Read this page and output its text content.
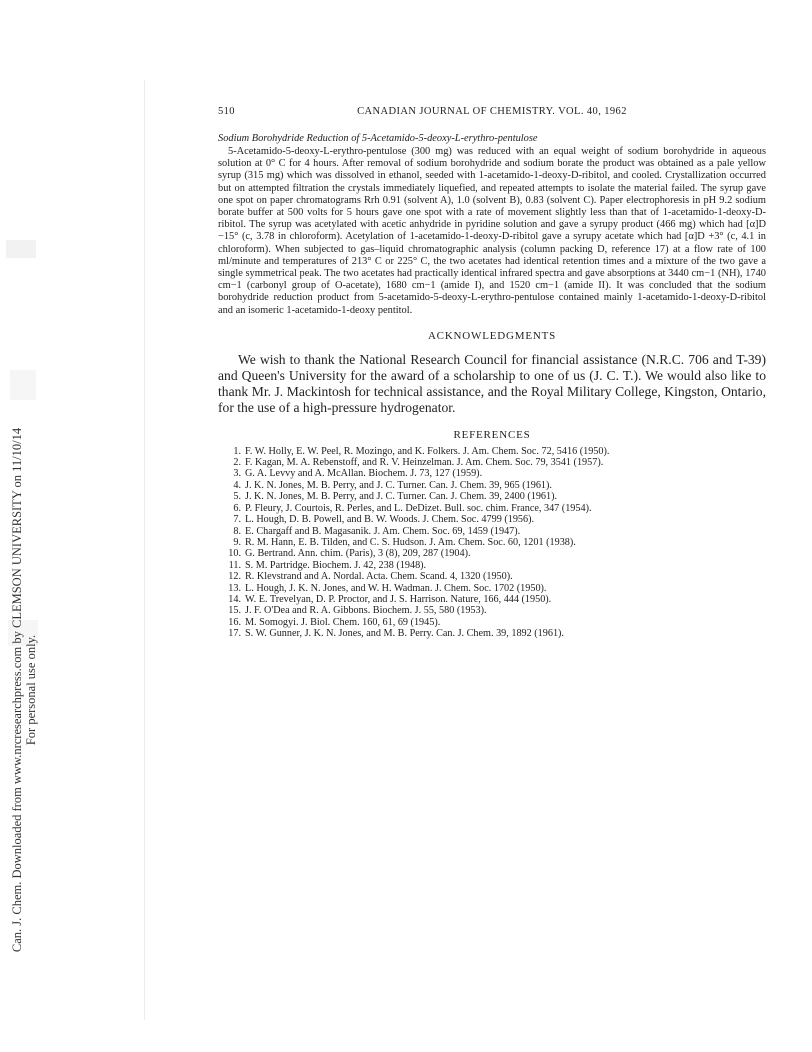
Can. J. Chem. Downloaded from www.nrcresearchpress.com by CLEMSON UNIVERSITY on 11/10/14 For personal use only.
510	CANADIAN JOURNAL OF CHEMISTRY. VOL. 40, 1962
Sodium Borohydride Reduction of 5-Acetamido-5-deoxy-L-erythro-pentulose

5-Acetamido-5-deoxy-L-erythro-pentulose (300 mg) was reduced with an equal weight of sodium borohydride in aqueous solution at 0° C for 4 hours. After removal of sodium borohydride and sodium borate the product was obtained as a pale yellow syrup (315 mg) which was dissolved in ethanol, seeded with 1-acetamido-1-deoxy-D-ribitol, and cooled. Crystallization occurred but on attempted filtration the crystals immediately liquefied, and repeated attempts to isolate the material failed. The syrup gave one spot on paper chromatograms Rrh 0.91 (solvent A), 1.0 (solvent B), 0.83 (solvent C). Paper electrophoresis in pH 9.2 sodium borate buffer at 500 volts for 5 hours gave one spot with a rate of movement slightly less than that of 1-acetamido-1-deoxy-D-ribitol. The syrup was acetylated with acetic anhydride in pyridine solution and gave a syrupy product (466 mg) which had [α]D −15° (c, 3.78 in chloroform). Acetylation of 1-acetamido-1-deoxy-D-ribitol gave a syrupy acetate which had [α]D +3° (c, 4.1 in chloroform). When subjected to gas–liquid chromatographic analysis (column packing D, reference 17) at a flow rate of 100 ml/minute and temperatures of 213° C or 225° C, the two acetates had identical retention times and a mixture of the two gave a single symmetrical peak. The two acetates had practically identical infrared spectra and gave absorptions at 3440 cm−1 (NH), 1740 cm−1 (carbonyl group of O-acetate), 1680 cm−1 (amide I), and 1520 cm−1 (amide II). It was concluded that the sodium borohydride reduction product from 5-acetamido-5-deoxy-L-erythro-pentulose contained mainly 1-acetamido-1-deoxy-D-ribitol and an isomeric 1-acetamido-1-deoxy pentitol.

ACKNOWLEDGMENTS

We wish to thank the National Research Council for financial assistance (N.R.C. 706 and T-39) and Queen's University for the award of a scholarship to one of us (J. C. T.). We would also like to thank Mr. J. Mackintosh for technical assistance, and the Royal Military College, Kingston, Ontario, for the use of a high-pressure hydrogenator.

REFERENCES
1. F. W. Holly, E. W. Peel, R. Mozingo, and K. Folkers. J. Am. Chem. Soc. 72, 5416 (1950).
2. F. Kagan, M. A. Rebenstoff, and R. V. Heinzelman. J. Am. Chem. Soc. 79, 3541 (1957).
3. G. A. Levvy and A. McAllan. Biochem. J. 73, 127 (1959).
4. J. K. N. Jones, M. B. Perry, and J. C. Turner. Can. J. Chem. 39, 965 (1961).
5. J. K. N. Jones, M. B. Perry, and J. C. Turner. Can. J. Chem. 39, 2400 (1961).
6. P. Fleury, J. Courtois, R. Perles, and L. DeDizet. Bull. soc. chim. France, 347 (1954).
7. L. Hough, D. B. Powell, and B. W. Woods. J. Chem. Soc. 4799 (1956).
8. E. Chargaff and B. Magasanik. J. Am. Chem. Soc. 69, 1459 (1947).
9. R. M. Hann, E. B. Tilden, and C. S. Hudson. J. Am. Chem. Soc. 60, 1201 (1938).
10. G. Bertrand. Ann. chim. (Paris), 3 (8), 209, 287 (1904).
11. S. M. Partridge. Biochem. J. 42, 238 (1948).
12. R. Klevstrand and A. Nordal. Acta. Chem. Scand. 4, 1320 (1950).
13. L. Hough, J. K. N. Jones, and W. H. Wadman. J. Chem. Soc. 1702 (1950).
14. W. E. Trevelyan, D. P. Proctor, and J. S. Harrison. Nature, 166, 444 (1950).
15. J. F. O'Dea and R. A. Gibbons. Biochem. J. 55, 580 (1953).
16. M. Somogyi. J. Biol. Chem. 160, 61, 69 (1945).
17. S. W. Gunner, J. K. N. Jones, and M. B. Perry. Can. J. Chem. 39, 1892 (1961).
